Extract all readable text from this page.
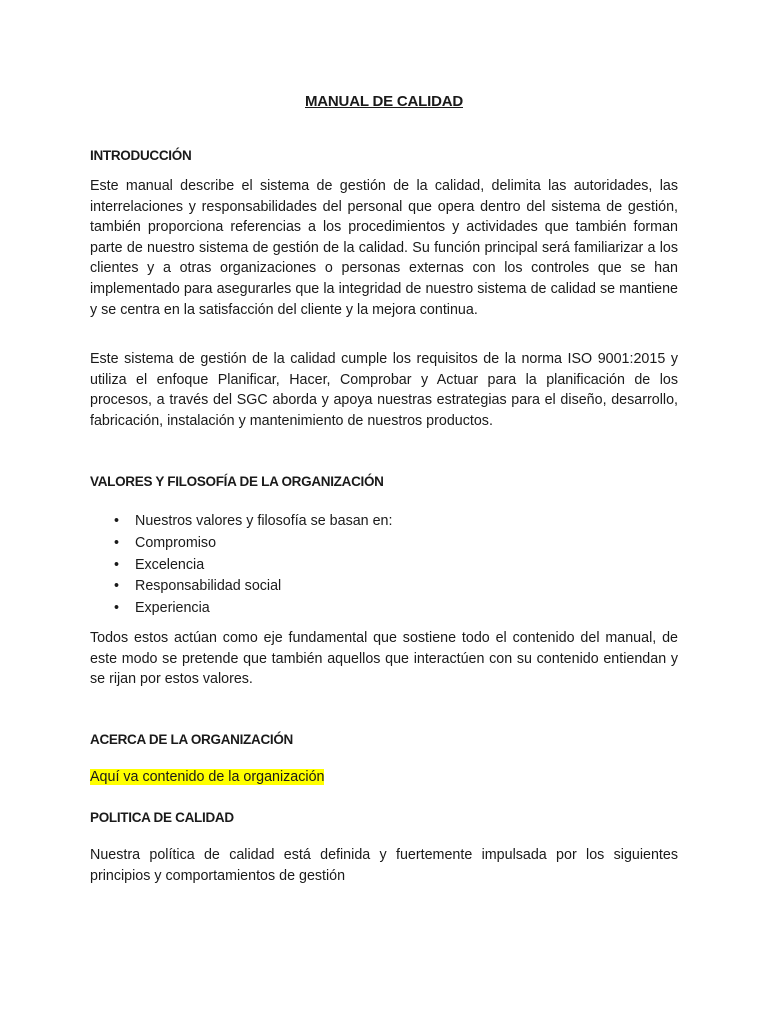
MANUAL DE CALIDAD
INTRODUCCIÓN
Este manual describe el sistema de gestión de la calidad, delimita las autoridades, las interrelaciones y responsabilidades del personal que opera dentro del sistema de gestión, también proporciona referencias a los procedimientos y actividades que también forman parte de nuestro sistema de gestión de la calidad. Su función principal será familiarizar a los clientes y a otras organizaciones o personas externas con los controles que se han implementado para asegurarles que la integridad de nuestro sistema de calidad se mantiene y se centra en la satisfacción del cliente y la mejora continua.
Este sistema de gestión de la calidad cumple los requisitos de la norma ISO 9001:2015 y utiliza el enfoque Planificar, Hacer, Comprobar y Actuar para la planificación de los procesos, a través del SGC aborda y apoya nuestras estrategias para el diseño, desarrollo, fabricación, instalación y mantenimiento de nuestros productos.
VALORES Y FILOSOFÍA DE LA ORGANIZACIÓN
• Nuestros valores y filosofía se basan en:
• Compromiso
• Excelencia
• Responsabilidad social
• Experiencia
Todos estos actúan como eje fundamental que sostiene todo el contenido del manual, de este modo se pretende que también aquellos que interactúen con su contenido entiendan y se rijan por estos valores.
ACERCA DE LA ORGANIZACIÓN
Aquí va contenido de la organización
POLITICA DE CALIDAD
Nuestra política de calidad está definida y fuertemente impulsada por los siguientes principios y comportamientos de gestión
